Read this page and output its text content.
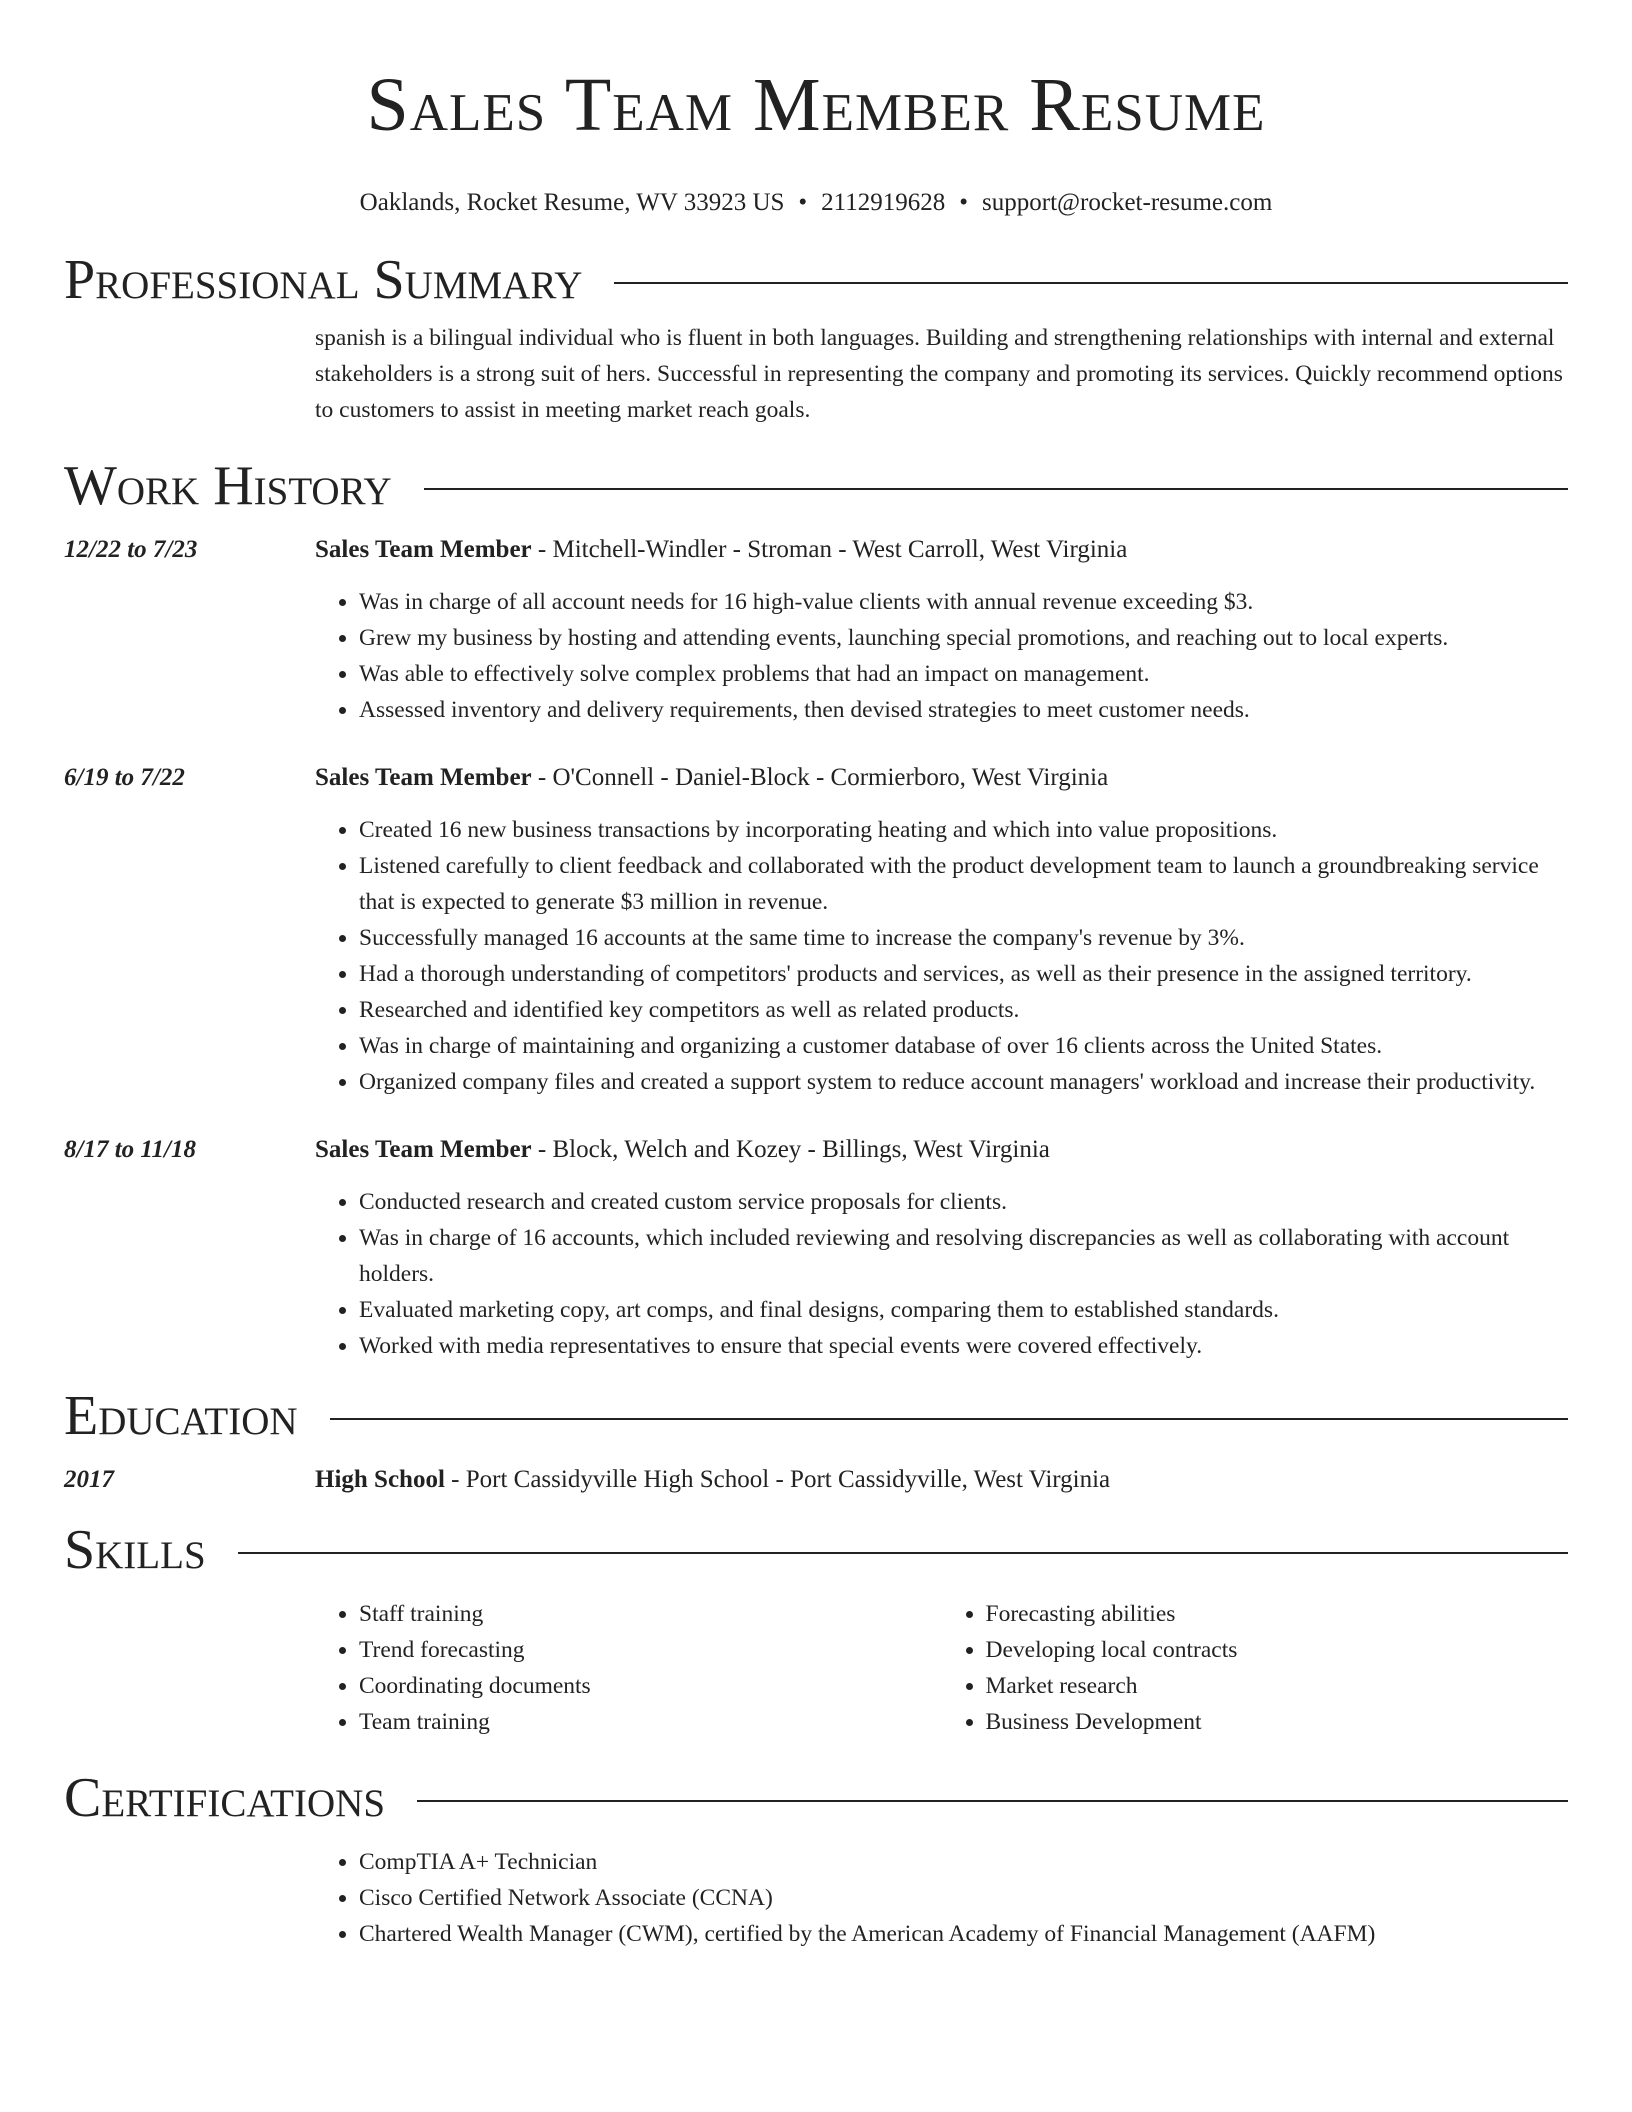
Sales Team Member Resume
Oaklands, Rocket Resume, WV 33923 US • 2112919628 • support@rocket-resume.com
Professional Summary
spanish is a bilingual individual who is fluent in both languages. Building and strengthening relationships with internal and external stakeholders is a strong suit of hers. Successful in representing the company and promoting its services. Quickly recommend options to customers to assist in meeting market reach goals.
Work History
12/22 to 7/23	Sales Team Member - Mitchell-Windler - Stroman - West Carroll, West Virginia
• Was in charge of all account needs for 16 high-value clients with annual revenue exceeding $3.
• Grew my business by hosting and attending events, launching special promotions, and reaching out to local experts.
• Was able to effectively solve complex problems that had an impact on management.
• Assessed inventory and delivery requirements, then devised strategies to meet customer needs.
6/19 to 7/22	Sales Team Member - O'Connell - Daniel-Block - Cormierboro, West Virginia
• Created 16 new business transactions by incorporating heating and which into value propositions.
• Listened carefully to client feedback and collaborated with the product development team to launch a groundbreaking service that is expected to generate $3 million in revenue.
• Successfully managed 16 accounts at the same time to increase the company's revenue by 3%.
• Had a thorough understanding of competitors' products and services, as well as their presence in the assigned territory.
• Researched and identified key competitors as well as related products.
• Was in charge of maintaining and organizing a customer database of over 16 clients across the United States.
• Organized company files and created a support system to reduce account managers' workload and increase their productivity.
8/17 to 11/18	Sales Team Member - Block, Welch and Kozey - Billings, West Virginia
• Conducted research and created custom service proposals for clients.
• Was in charge of 16 accounts, which included reviewing and resolving discrepancies as well as collaborating with account holders.
• Evaluated marketing copy, art comps, and final designs, comparing them to established standards.
• Worked with media representatives to ensure that special events were covered effectively.
Education
2017	High School - Port Cassidyville High School - Port Cassidyville, West Virginia
Skills
• Staff training
• Trend forecasting
• Coordinating documents
• Team training
• Forecasting abilities
• Developing local contracts
• Market research
• Business Development
Certifications
• CompTIA A+ Technician
• Cisco Certified Network Associate (CCNA)
• Chartered Wealth Manager (CWM), certified by the American Academy of Financial Management (AAFM)
